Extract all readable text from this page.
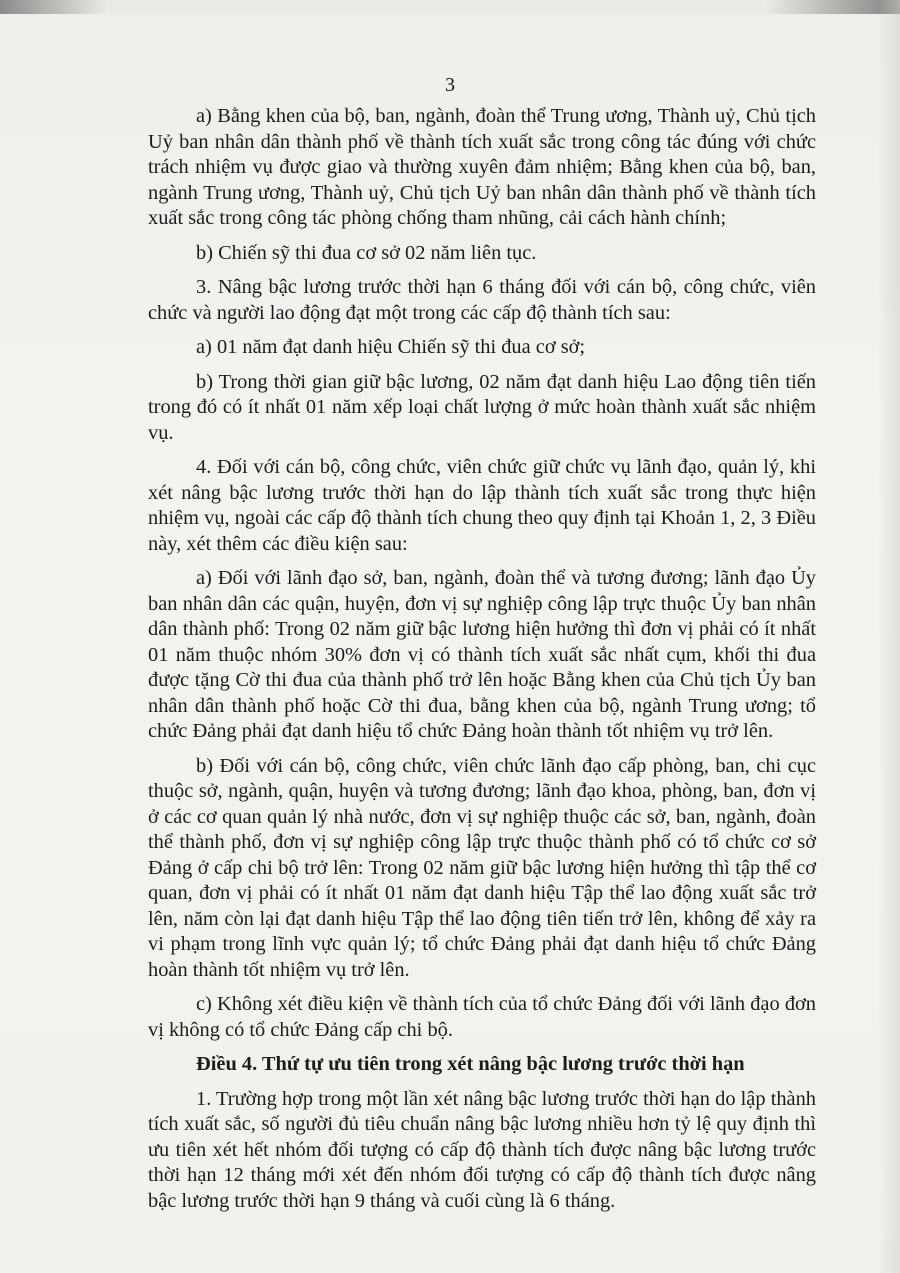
3

a) Bằng khen của bộ, ban, ngành, đoàn thể Trung ương, Thành uỷ, Chủ tịch Uỷ ban nhân dân thành phố về thành tích xuất sắc trong công tác đúng với chức trách nhiệm vụ được giao và thường xuyên đảm nhiệm; Bằng khen của bộ, ban, ngành Trung ương, Thành uỷ, Chủ tịch Uỷ ban nhân dân thành phố về thành tích xuất sắc trong công tác phòng chống tham nhũng, cải cách hành chính;

b) Chiến sỹ thi đua cơ sở 02 năm liên tục.

3. Nâng bậc lương trước thời hạn 6 tháng đối với cán bộ, công chức, viên chức và người lao động đạt một trong các cấp độ thành tích sau:

a) 01 năm đạt danh hiệu Chiến sỹ thi đua cơ sở;

b) Trong thời gian giữ bậc lương, 02 năm đạt danh hiệu Lao động tiên tiến trong đó có ít nhất 01 năm xếp loại chất lượng ở mức hoàn thành xuất sắc nhiệm vụ.

4. Đối với cán bộ, công chức, viên chức giữ chức vụ lãnh đạo, quản lý, khi xét nâng bậc lương trước thời hạn do lập thành tích xuất sắc trong thực hiện nhiệm vụ, ngoài các cấp độ thành tích chung theo quy định tại Khoản 1, 2, 3 Điều này, xét thêm các điều kiện sau:

a) Đối với lãnh đạo sở, ban, ngành, đoàn thể và tương đương; lãnh đạo Ủy ban nhân dân các quận, huyện, đơn vị sự nghiệp công lập trực thuộc Ủy ban nhân dân thành phố: Trong 02 năm giữ bậc lương hiện hưởng thì đơn vị phải có ít nhất 01 năm thuộc nhóm 30% đơn vị có thành tích xuất sắc nhất cụm, khối thi đua được tặng Cờ thi đua của thành phố trở lên hoặc Bằng khen của Chủ tịch Ủy ban nhân dân thành phố hoặc Cờ thi đua, bằng khen của bộ, ngành Trung ương; tổ chức Đảng phải đạt danh hiệu tổ chức Đảng hoàn thành tốt nhiệm vụ trở lên.

b) Đối với cán bộ, công chức, viên chức lãnh đạo cấp phòng, ban, chi cục thuộc sở, ngành, quận, huyện và tương đương; lãnh đạo khoa, phòng, ban, đơn vị ở các cơ quan quản lý nhà nước, đơn vị sự nghiệp thuộc các sở, ban, ngành, đoàn thể thành phố, đơn vị sự nghiệp công lập trực thuộc thành phố có tổ chức cơ sở Đảng ở cấp chi bộ trở lên: Trong 02 năm giữ bậc lương hiện hưởng thì tập thể cơ quan, đơn vị phải có ít nhất 01 năm đạt danh hiệu Tập thể lao động xuất sắc trở lên, năm còn lại đạt danh hiệu Tập thể lao động tiên tiến trở lên, không để xảy ra vi phạm trong lĩnh vực quản lý; tổ chức Đảng phải đạt danh hiệu tổ chức Đảng hoàn thành tốt nhiệm vụ trở lên.

c) Không xét điều kiện về thành tích của tổ chức Đảng đối với lãnh đạo đơn vị không có tổ chức Đảng cấp chi bộ.

Điều 4. Thứ tự ưu tiên trong xét nâng bậc lương trước thời hạn

1. Trường hợp trong một lần xét nâng bậc lương trước thời hạn do lập thành tích xuất sắc, số người đủ tiêu chuẩn nâng bậc lương nhiều hơn tỷ lệ quy định thì ưu tiên xét hết nhóm đối tượng có cấp độ thành tích được nâng bậc lương trước thời hạn 12 tháng mới xét đến nhóm đối tượng có cấp độ thành tích được nâng bậc lương trước thời hạn 9 tháng và cuối cùng là 6 tháng.
